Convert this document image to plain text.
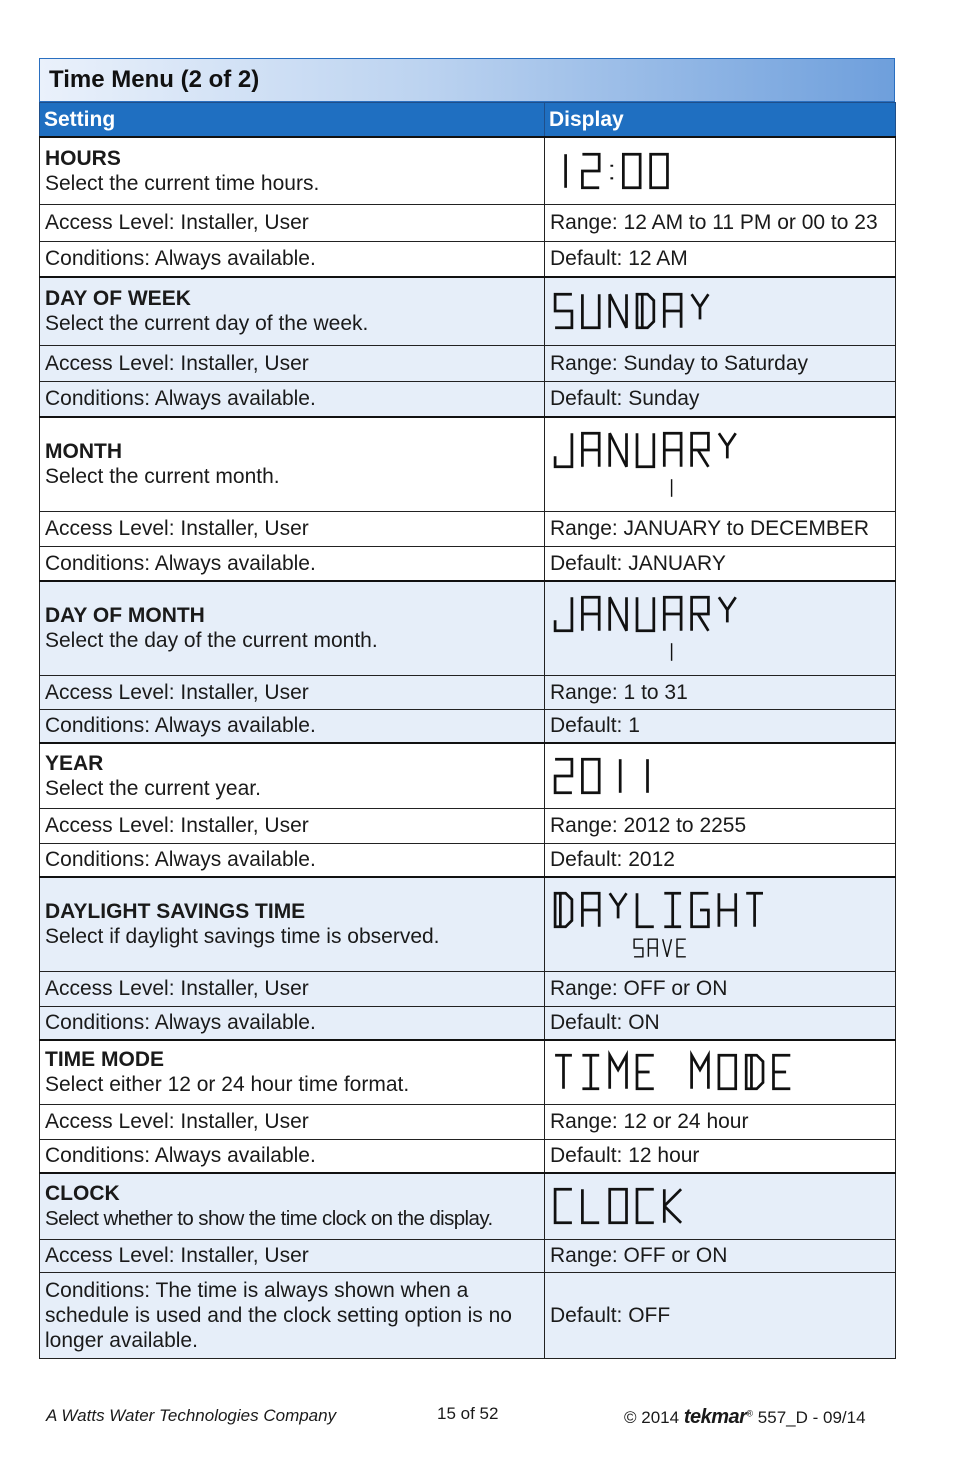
Time Menu (2 of 2)
Setting	Display

HOURS
Select the current time hours.

Access Level: Installer, User	Range: 12 AM to 11 PM or 00 to 23
Conditions: Always available.	Default: 12 AM

DAY OF WEEK
Select the current day of the week.

Access Level: Installer, User	Range: Sunday to Saturday
Conditions: Always available.	Default: Sunday

MONTH
Select the current month.

Access Level: Installer, User	Range: JANUARY to DECEMBER
Conditions: Always available.	Default: JANUARY

DAY OF MONTH
Select the day of the current month.

Access Level: Installer, User	Range: 1 to 31
Conditions: Always available.	Default: 1

YEAR
Select the current year.

Access Level: Installer, User	Range: 2012 to 2255
Conditions: Always available.	Default: 2012

DAYLIGHT SAVINGS TIME
Select if daylight savings time is observed.

Access Level: Installer, User	Range: OFF or ON
Conditions: Always available.	Default: ON

TIME MODE
Select either 12 or 24 hour time format.

Access Level: Installer, User	Range: 12 or 24 hour
Conditions: Always available.	Default: 12 hour

CLOCK
Select whether to show the time clock on the display.

Access Level: Installer, User	Range: OFF or ON
Conditions: The time is always shown when a schedule is used and the clock setting option is no longer available.	Default: OFF
A Watts Water Technologies Company	15 of 52	© 2014 tekmar® 557_D - 09/14
